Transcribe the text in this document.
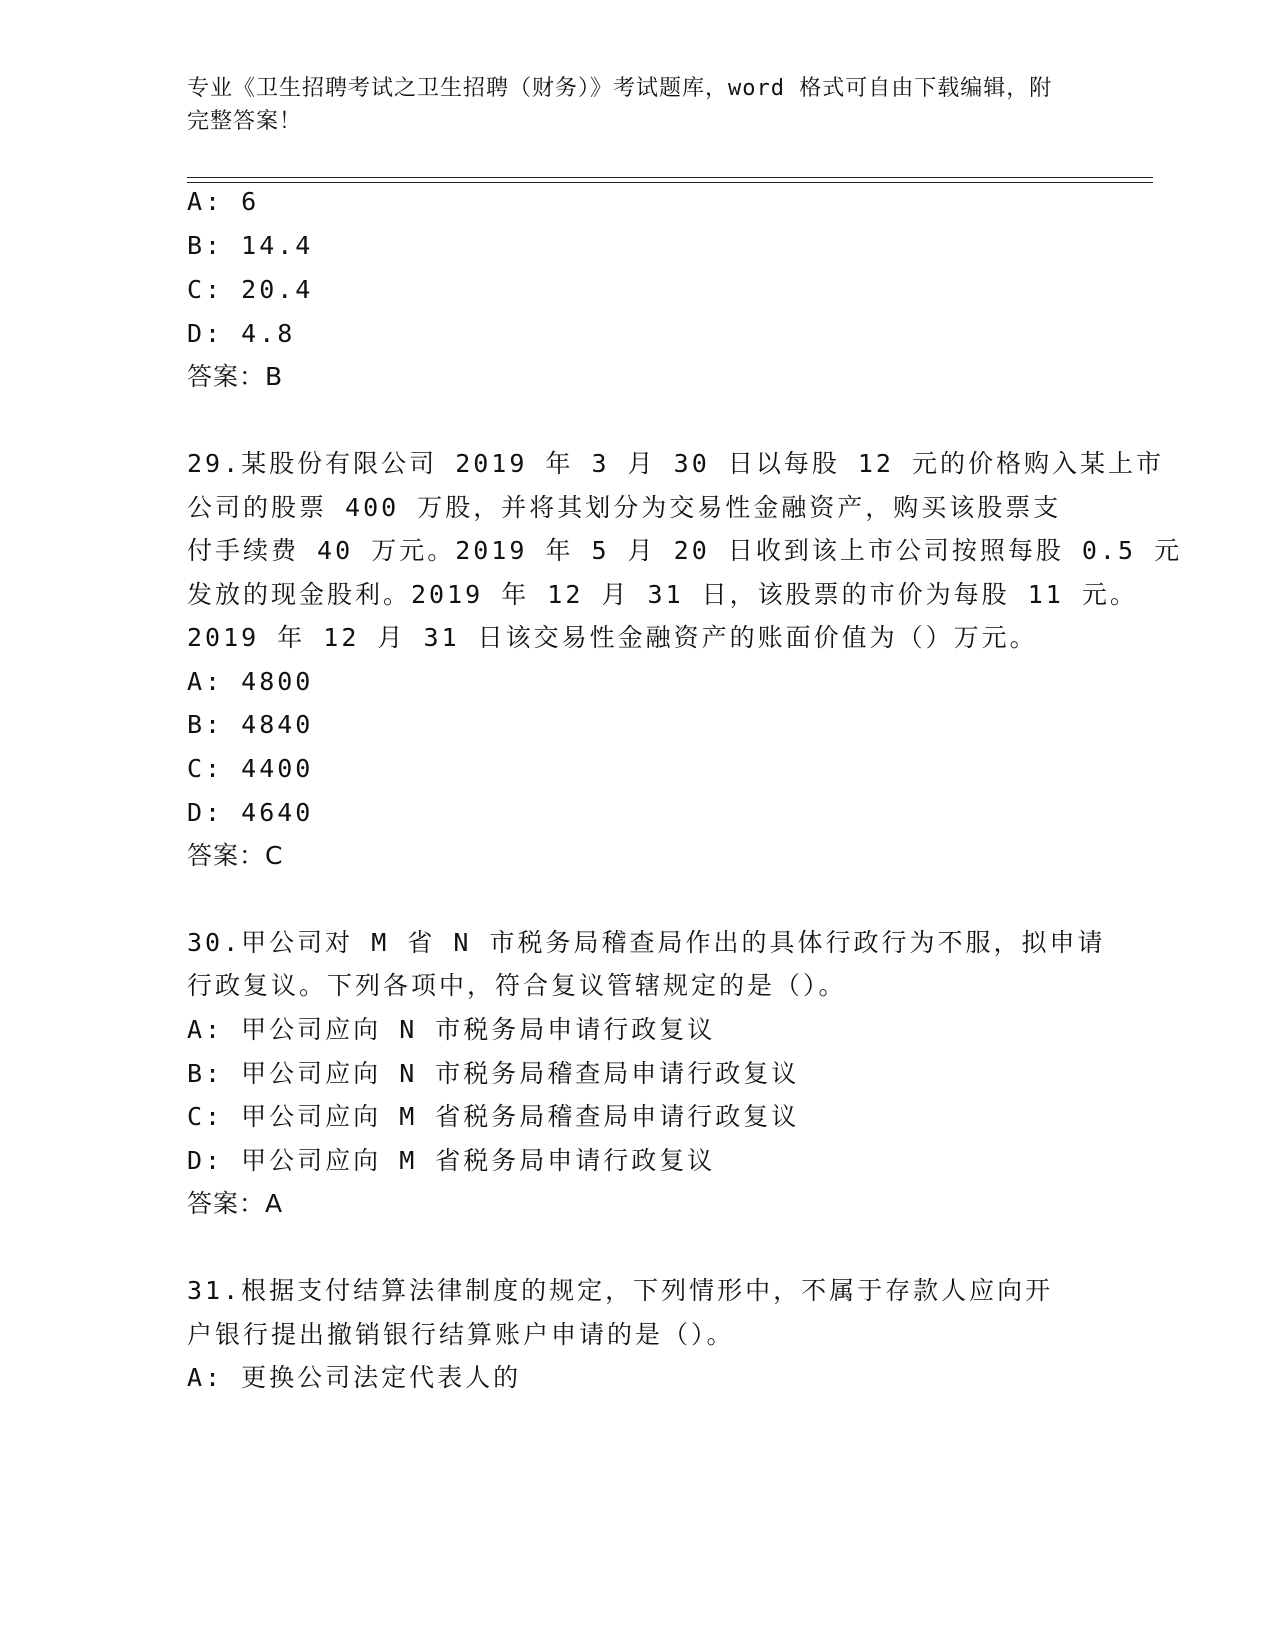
专业《卫生招聘考试之卫生招聘（财务）》考试题库，word 格式可自由下载编辑，附完整答案！
A: 6
B: 14.4
C: 20.4
D: 4.8
答案：B
29.某股份有限公司 2019 年 3 月 30 日以每股 12 元的价格购入某上市
公司的股票 400 万股，并将其划分为交易性金融资产，购买该股票支
付手续费 40 万元。2019 年 5 月 20 日收到该上市公司按照每股 0.5 元
发放的现金股利。2019 年 12 月 31 日，该股票的市价为每股 11 元。
2019 年 12 月 31 日该交易性金融资产的账面价值为（）万元。
A: 4800
B: 4840
C: 4400
D: 4640
答案：C
30.甲公司对 M 省 N 市税务局稽查局作出的具体行政行为不服，拟申请
行政复议。下列各项中，符合复议管辖规定的是（）。
A: 甲公司应向 N 市税务局申请行政复议
B: 甲公司应向 N 市税务局稽查局申请行政复议
C: 甲公司应向 M 省税务局稽查局申请行政复议
D: 甲公司应向 M 省税务局申请行政复议
答案：A
31.根据支付结算法律制度的规定，下列情形中，不属于存款人应向开
户银行提出撤销银行结算账户申请的是（）。
A: 更换公司法定代表人的
